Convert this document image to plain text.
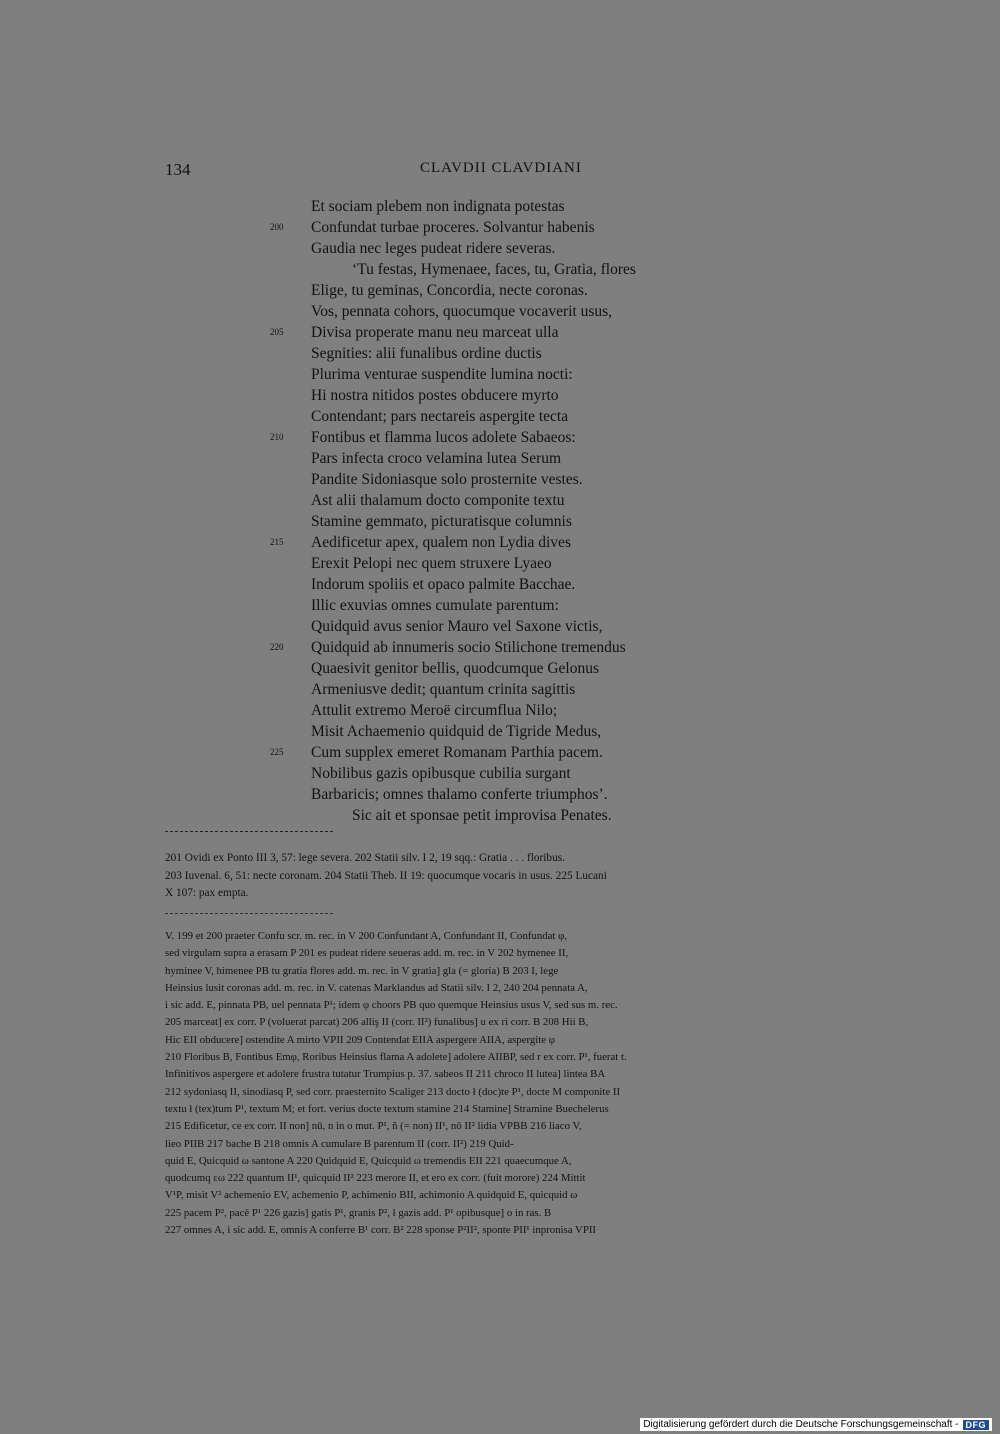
134	CLAVDII CLAVDIANI
Et sociam plebem non indignata potestas
200	Confundat turbae proceres. Solvantur habenis
Gaudia nec leges pudeat ridere severas.
‘Tu festas, Hymenaee, faces, tu, Gratia, flores
Elige, tu geminas, Concordia, necte coronas.
Vos, pennata cohors, quocumque vocaverit usus,
205	Divisa properate manu neu marceat ulla
Segnities: alii funalibus ordine ductis
Plurima venturae suspendite lumina nocti:
Hi nostra nitidos postes obducere myrto
Contendant; pars nectareis aspergite tecta
210	Fontibus et flamma lucos adolete Sabaeos:
Pars infecta croco velamina lutea Serum
Pandite Sidoniasque solo prosternite vestes.
Ast alii thalamum docto componite textu
Stamine gemmato, picturatisque columnis
215	Aedificetur apex, qualem non Lydia dives
Erexit Pelopi nec quem struxere Lyaeo
Indorum spoliis et opaco palmite Bacchae.
Illic exuvias omnes cumulate parentum:
Quidquid avus senior Mauro vel Saxone victis,
220	Quidquid ab innumeris socio Stilichone tremendus
Quaesivit genitor bellis, quodcumque Gelonus
Armeniusve dedit; quantum crinita sagittis
Attulit extremo Meroë circumflua Nilo;
Misit Achaemenio quidquid de Tigride Medus,
225	Cum supplex emeret Romanam Parthia pacem.
Nobilibus gazis opibusque cubilia surgant
Barbaricis; omnes thalamo conferte triumphos’.
Sic ait et sponsae petit improvisa Penates.
201 Ovidi ex Ponto III 3, 57: lege severa. 202 Statii silv. I 2, 19 sqq.: Gratia . . . floribus.
203 Iuvenal. 6, 51: necte coronam. 204 Statii Theb. II 19: quocumque vocaris in usus. 225 Lucani
X 107: pax empta.
V. 199 et 200 praeter Confu scr. m. rec. in V 200 Confundant A, Confundant II, Confundat φ,
sed virgulam supra a erasam P 201 es pudeat ridere seueras add. m. rec. in V 202 hymenee II,
hyminee V, himenee PB tu gratia flores add. m. rec. in V gratia] gla (= gloria) B 203 I, lege
Heinsius lusit coronas add. m. rec. in V. catenas Marklandus ad Statii silv. I 2, 240 204 pennata A,
i sic add. E, pinnata PB, uel pennata P¹; idem φ choors PB quo quemque Heinsius usus V, sed sus m. rec.
205 marceat] ex corr. P (voluerat parcat) 206 alliş II (corr. II²) funalibus] u ex ri corr. B 208 Hii B,
Hic EII obducere] ostendite A mirto VPII 209 Contendat EIIA aspergere AIIA, aspergite φ
210 Floribus B, Fontibus Emφ, Roribus Heinsius flama A adolete] adolere AIIBP, sed r ex corr. P¹, fuerat t.
Infinitivos aspergere et adolere frustra tutatur Trumpius p. 37. sabeos II 211 chroco II lutea] lintea BA
212 sydoniasq II, sinodiasq P, sed corr. praesternito Scaliger 213 docto ł (doc)te P¹, docte M componite II
textu ł (tex)tum P¹, textum M; et fort. verius docte textum stamine 214 Stamine] Stramine Buechelerus
215 Edificetur, ce ex corr. II non] nū, n in o mut. P¹, ñ (= non) II¹, nō II² lidia VPBB 216 liaco V,
lieo PIIB 217 bache B 218 omnis A cumulare B parentum II (corr. II²) 219 Quid-
quid E, Quicquid ω santone A 220 Quidquid E, Quicquid ω tremendis EII 221 quaecumque A,
quodcumq εω 222 quantum II¹, quicquid II² 223 merore II, et ero ex corr. (fuit morore) 224 Mittit
V¹P, misit V² achemenio EV, achemenio P, achimenio BII, achimonio A quidquid E, quicquid ω
225 pacem P², pacē P¹ 226 gazis] gatis P¹, granis P², ł gazis add. P¹ opibusque] o in ras. B
227 omnes A, i sic add. E, omnis A conferre B¹ corr. B² 228 sponse P²II², sponte PII¹ inpronisa VPII
Digitalisierung gefördert durch die Deutsche Forschungsgemeinschaft - DFG
